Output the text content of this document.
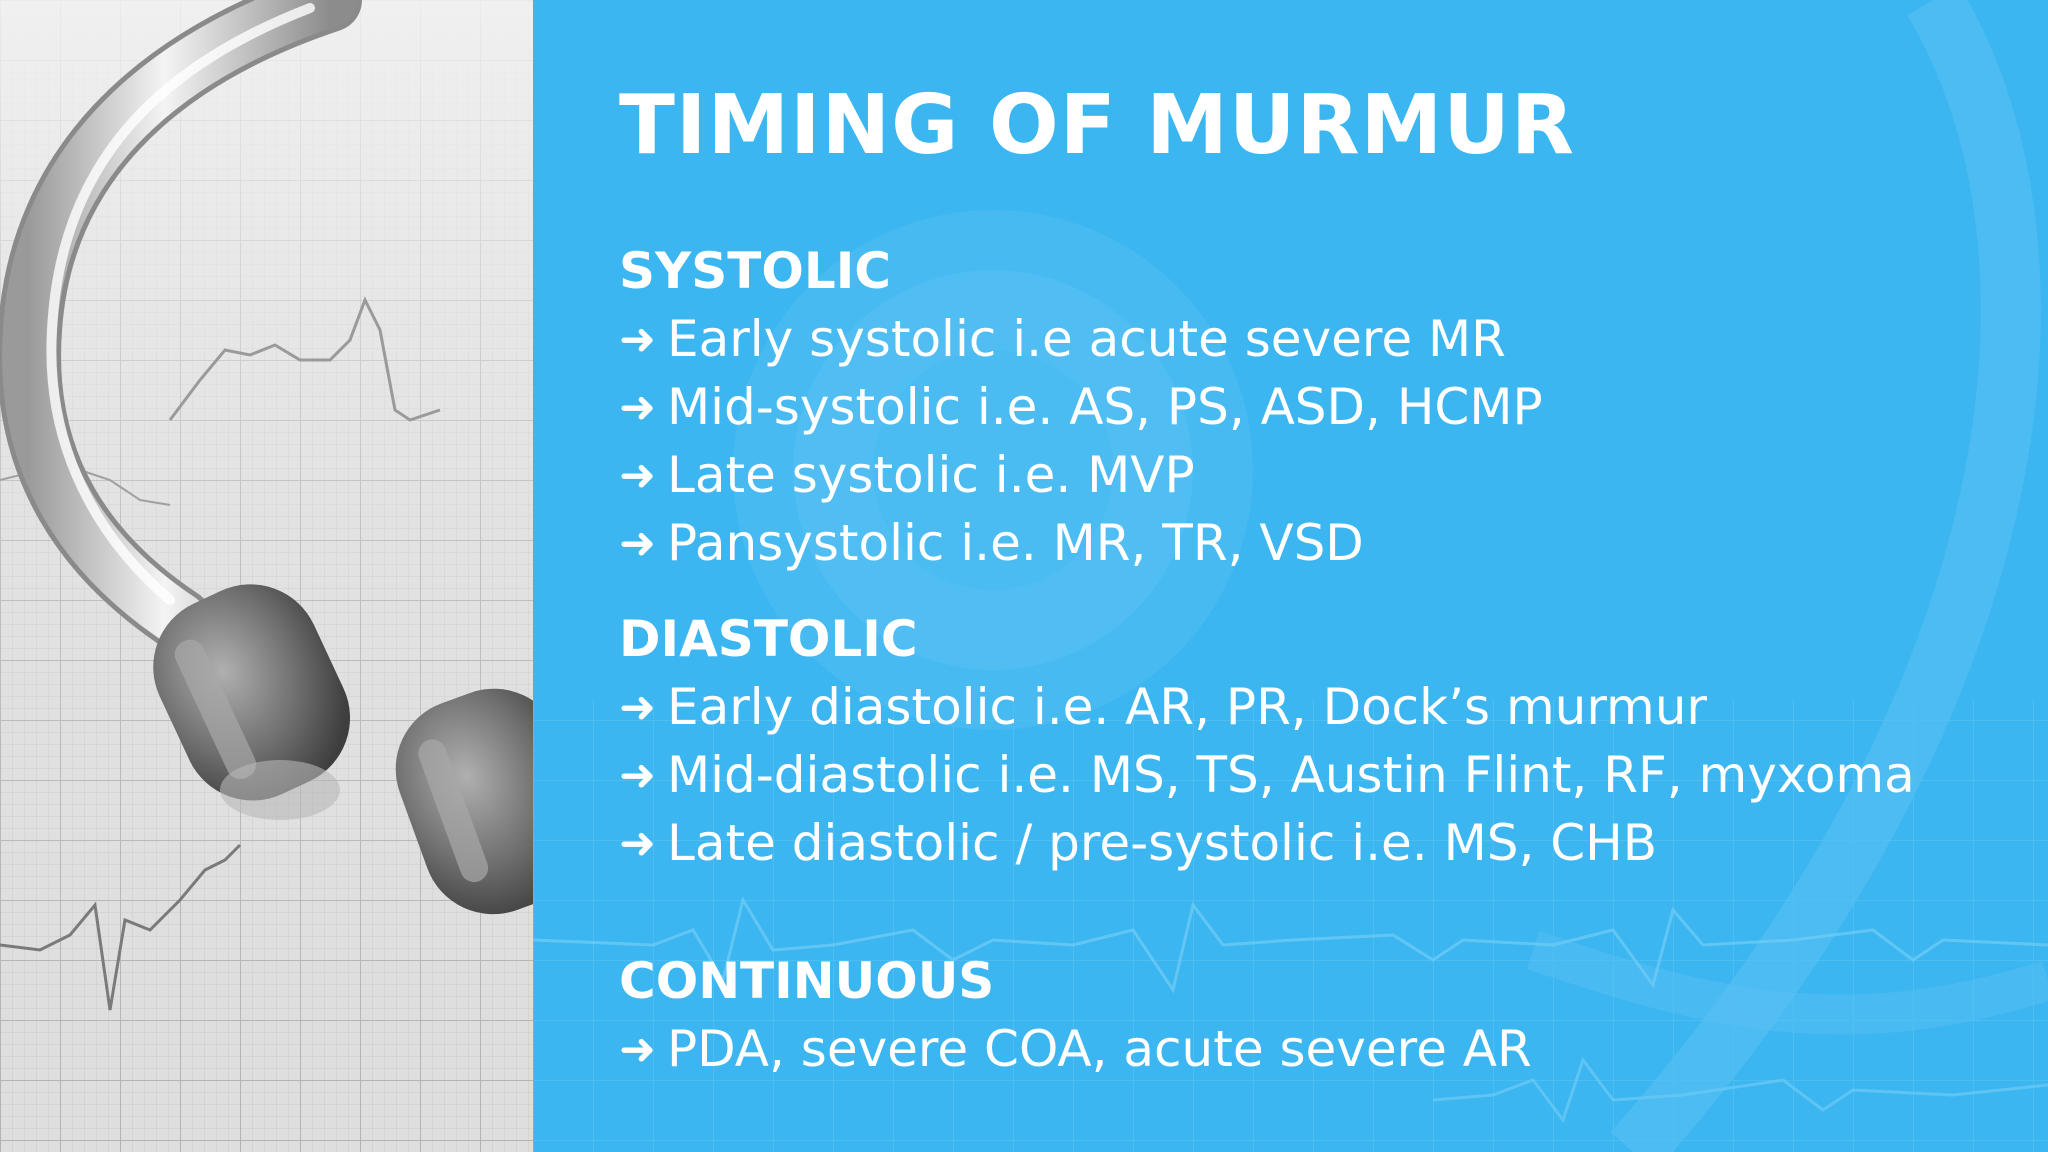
TIMING OF MURMUR
SYSTOLIC
➜ Early systolic i.e acute severe MR
➜ Mid-systolic i.e. AS, PS, ASD, HCMP
➜ Late systolic i.e. MVP
➜ Pansystolic i.e. MR, TR, VSD
DIASTOLIC
➜ Early diastolic i.e. AR, PR, Dock’s murmur
➜ Mid-diastolic i.e. MS, TS, Austin Flint, RF, myxoma
➜ Late diastolic / pre-systolic i.e. MS, CHB
CONTINUOUS
➜ PDA, severe COA, acute severe AR
